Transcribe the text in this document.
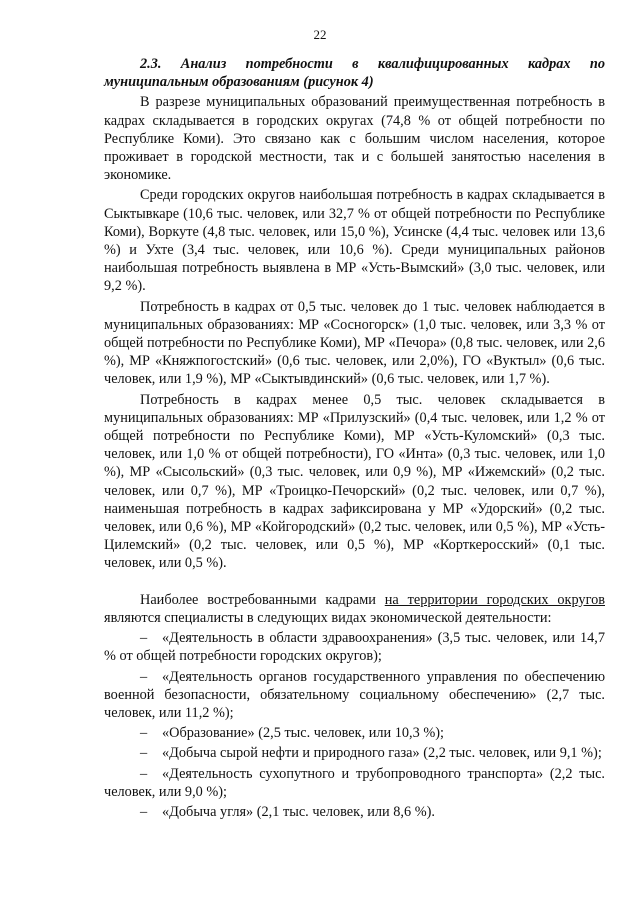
22

2.3. Анализ потребности в квалифицированных кадрах по муниципальным образованиям (рисунок 4)

В разрезе муниципальных образований преимущественная потребность в кадрах складывается в городских округах (74,8 % от общей потребности по Республике Коми). Это связано как с большим числом населения, которое проживает в городской местности, так и с большей занятостью населения в экономике.

Среди городских округов наибольшая потребность в кадрах складывается в Сыктывкаре (10,6 тыс. человек, или 32,7 % от общей потребности по Республике Коми), Воркуте (4,8 тыс. человек, или 15,0 %), Усинске (4,4 тыс. человек или 13,6 %) и Ухте (3,4 тыс. человек, или 10,6 %). Среди муниципальных районов наибольшая потребность выявлена в МР «Усть-Вымский» (3,0 тыс. человек, или 9,2 %).

Потребность в кадрах от 0,5 тыс. человек до 1 тыс. человек наблюдается в муниципальных образованиях: МР «Сосногорск» (1,0 тыс. человек, или 3,3 % от общей потребности по Республике Коми), МР «Печора» (0,8 тыс. человек, или 2,6 %), МР «Княжпогостский» (0,6 тыс. человек, или 2,0%), ГО «Вуктыл» (0,6 тыс. человек, или 1,9 %), МР «Сыктывдинский» (0,6 тыс. человек, или 1,7 %).

Потребность в кадрах менее 0,5 тыс. человек складывается в муниципальных образованиях: МР «Прилузский» (0,4 тыс. человек, или 1,2 % от общей потребности по Республике Коми), МР «Усть-Куломский» (0,3 тыс. человек, или 1,0 % от общей потребности), ГО «Инта» (0,3 тыс. человек, или 1,0 %), МР «Сысольский» (0,3 тыс. человек, или 0,9 %), МР «Ижемский» (0,2 тыс. человек, или 0,7 %), МР «Троицко-Печорский» (0,2 тыс. человек, или 0,7 %), наименьшая потребность в кадрах зафиксирована у МР «Удорский» (0,2 тыс. человек, или 0,6 %), МР «Койгородский» (0,2 тыс. человек, или 0,5 %), МР «Усть-Цилемский» (0,2 тыс. человек, или 0,5 %), МР «Корткеросский» (0,1 тыс. человек, или 0,5 %).

Наиболее востребованными кадрами на территории городских округов являются специалисты в следующих видах экономической деятельности:

– «Деятельность в области здравоохранения» (3,5 тыс. человек, или 14,7 % от общей потребности городских округов);

– «Деятельность органов государственного управления по обеспечению военной безопасности, обязательному социальному обеспечению» (2,7 тыс. человек, или 11,2 %);

– «Образование» (2,5 тыс. человек, или 10,3 %);

– «Добыча сырой нефти и природного газа» (2,2 тыс. человек, или 9,1 %);

– «Деятельность сухопутного и трубопроводного транспорта» (2,2 тыс. человек, или 9,0 %);

– «Добыча угля» (2,1 тыс. человек, или 8,6 %).
